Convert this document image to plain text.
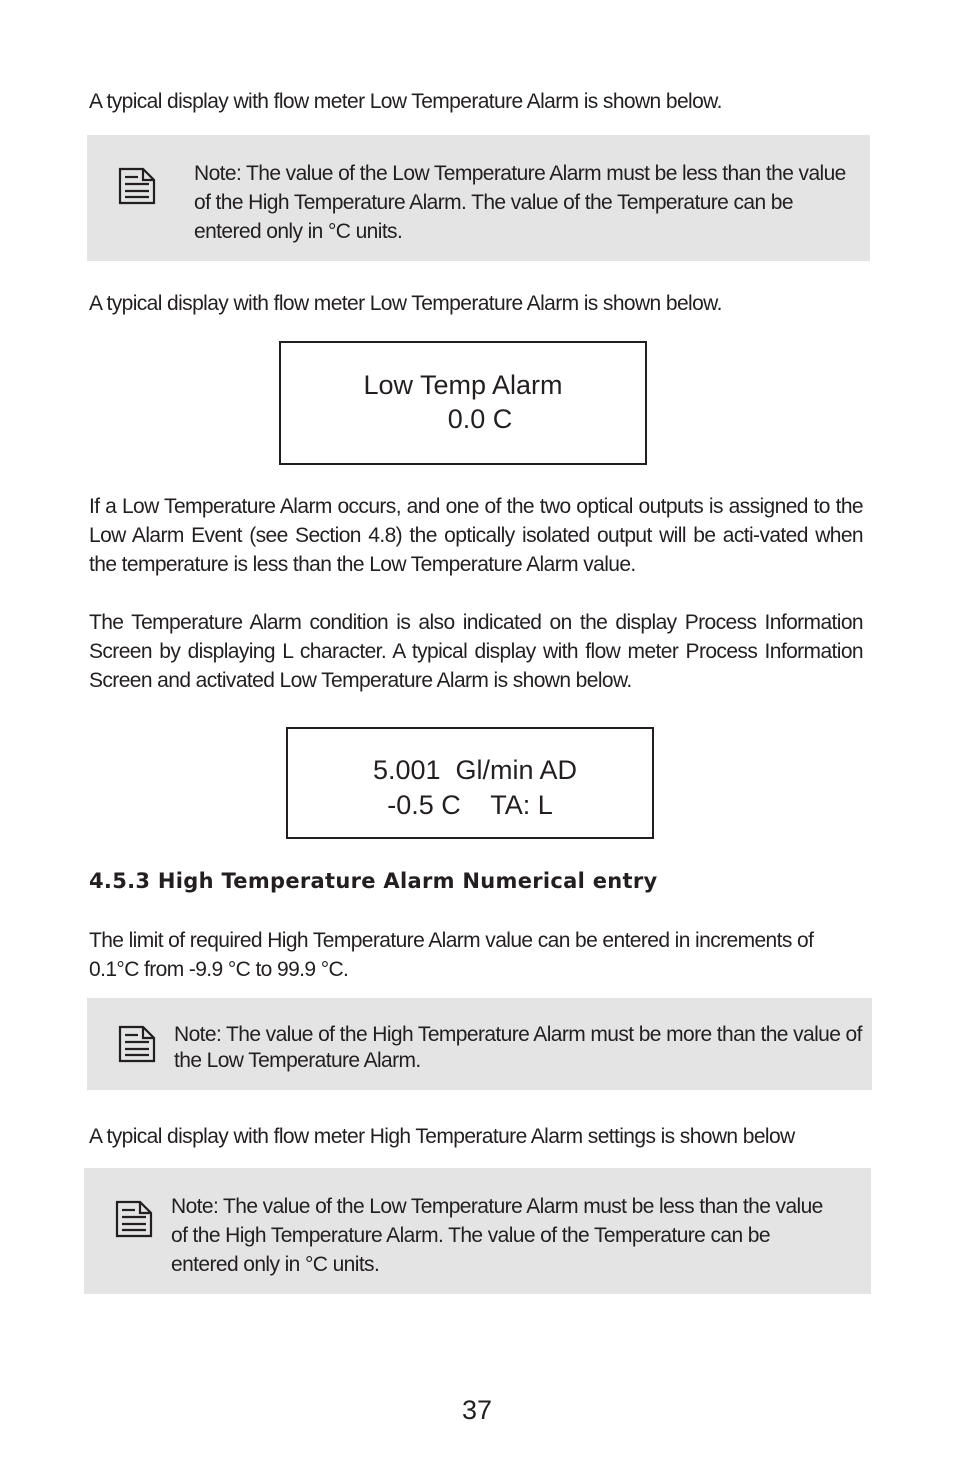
A typical display with flow meter Low Temperature Alarm is shown below.

Note: The value of the Low Temperature Alarm must be less than the value of the High Temperature Alarm. The value of the Temperature can be entered only in °C units.

A typical display with flow meter Low Temperature Alarm is shown below.

Low Temp Alarm
0.0 C

If a Low Temperature Alarm occurs, and one of the two optical outputs is assigned to the Low Alarm Event (see Section 4.8) the optically isolated output will be acti-vated when the temperature is less than the Low Temperature Alarm value.

The Temperature Alarm condition is also indicated on the display Process Information Screen by displaying L character. A typical display with flow meter Process Information Screen and activated Low Temperature Alarm is shown below.

5.001  Gl/min AD
-0.5 C    TA: L
4.5.3 High Temperature Alarm Numerical entry

The limit of required High Temperature Alarm value can be entered in increments of 0.1°C from -9.9 °C to 99.9 °C.

Note: The value of the High Temperature Alarm must be more than the value of the Low Temperature Alarm.

A typical display with flow meter High Temperature Alarm settings is shown below

Note: The value of the Low Temperature Alarm must be less than the value of the High Temperature Alarm. The value of the Temperature can be entered only in °C units.

37
